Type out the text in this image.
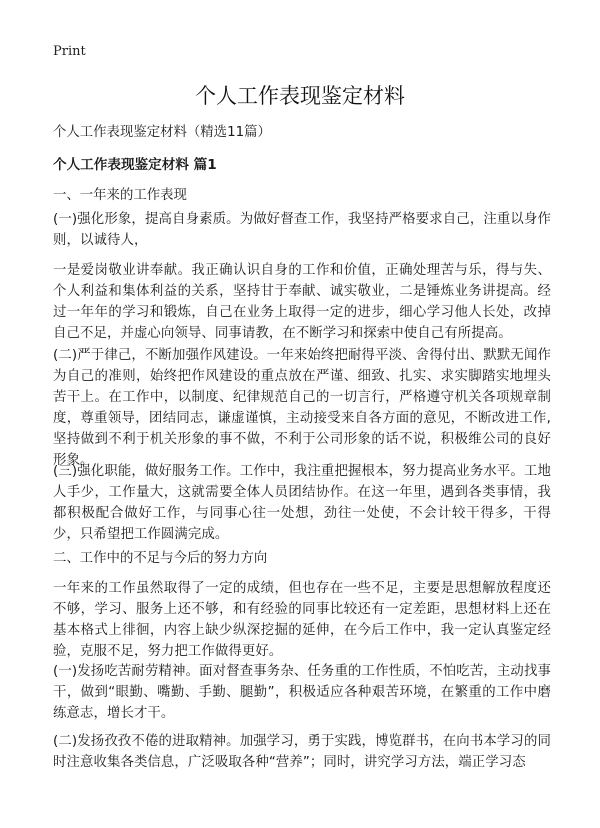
Print
个人工作表现鉴定材料
个人工作表现鉴定材料（精选11篇）
个人工作表现鉴定材料 篇1
一、一年来的工作表现

(一)强化形象，提高自身素质。为做好督查工作，我坚持严格要求自己，注重以身作则，以诚待人，

一是爱岗敬业讲奉献。我正确认识自身的工作和价值，正确处理苦与乐，得与失、个人利益和集体利益的关系，坚持甘于奉献、诚实敬业，二是锤炼业务讲提高。经过一年年的学习和锻炼，自己在业务上取得一定的进步，细心学习他人长处，改掉自己不足，并虚心向领导、同事请教，在不断学习和探索中使自己有所提高。

(二)严于律己，不断加强作风建设。一年来始终把耐得平淡、舍得付出、默默无闻作为自己的准则，始终把作风建设的重点放在严谨、细致、扎实、求实脚踏实地埋头苦干上。在工作中，以制度、纪律规范自己的一切言行，严格遵守机关各项规章制度，尊重领导，团结同志，谦虚谨慎，主动接受来自各方面的意见，不断改进工作,坚持做到不利于机关形象的事不做，不利于公司形象的话不说，积极维公司的良好形象。

(三)强化职能，做好服务工作。工作中，我注重把握根本，努力提高业务水平。工地人手少，工作量大，这就需要全体人员团结协作。在这一年里，遇到各类事情，我都积极配合做好工作，与同事心往一处想，劲往一处使，不会计较干得多，干得少，只希望把工作圆满完成。

二、工作中的不足与今后的努力方向

一年来的工作虽然取得了一定的成绩，但也存在一些不足，主要是思想解放程度还不够，学习、服务上还不够，和有经验的同事比较还有一定差距，思想材料上还在基本格式上徘徊，内容上缺少纵深挖掘的延伸，在今后工作中，我一定认真鉴定经验，克服不足，努力把工作做得更好。

(一)发扬吃苦耐劳精神。面对督查事务杂、任务重的工作性质，不怕吃苦，主动找事干，做到“眼勤、嘴勤、手勤、腿勤”，积极适应各种艰苦环境，在繁重的工作中磨练意志，增长才干。

(二)发扬孜孜不倦的进取精神。加强学习，勇于实践，博览群书，在向书本学习的同时注意收集各类信息，广泛吸取各种“营养”；同时，讲究学习方法，端正学习态
